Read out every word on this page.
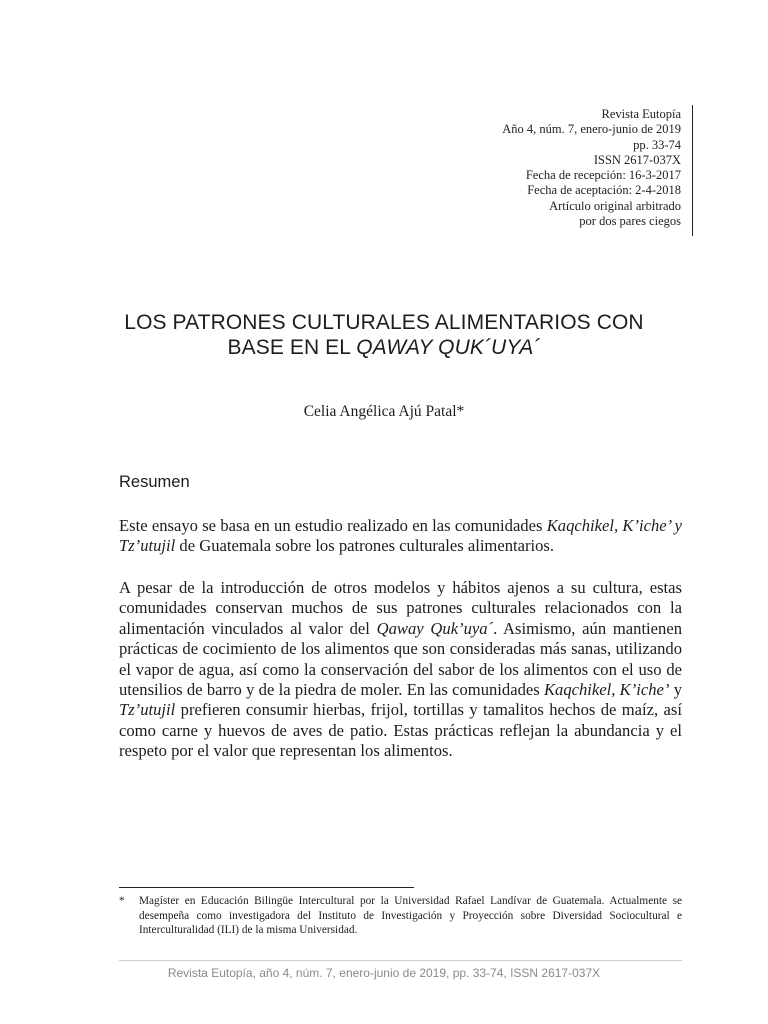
Revista Eutopía
Año 4, núm. 7, enero-junio de 2019
pp. 33-74
ISSN 2617-037X
Fecha de recepción: 16-3-2017
Fecha de aceptación: 2-4-2018
Artículo original arbitrado
por dos pares ciegos
LOS PATRONES CULTURALES ALIMENTARIOS CON
BASE EN EL QAWAY QUK´UYA´
Celia Angélica Ajú Patal*
Resumen

Este ensayo se basa en un estudio realizado en las comunidades Kaqchikel, K’iche’ y Tz’utujil de Guatemala sobre los patrones culturales alimentarios.

A pesar de la introducción de otros modelos y hábitos ajenos a su cultura, estas comunidades conservan muchos de sus patrones culturales relacionados con la alimentación vinculados al valor del Qaway Quk’uya´. Asimismo, aún mantienen prácticas de cocimiento de los alimentos que son consideradas más sanas, utilizando el vapor de agua, así como la conservación del sabor de los alimentos con el uso de utensilios de barro y de la piedra de moler. En las comunidades Kaqchikel, K’iche’ y Tz’utujil prefieren consumir hierbas, frijol, tortillas y tamalitos hechos de maíz, así como carne y huevos de aves de patio. Estas prácticas reflejan la abundancia y el respeto por el valor que representan los alimentos.

*	Magíster en Educación Bilingüe Intercultural por la Universidad Rafael Landívar de Guatemala. Actualmente se desempeña como investigadora del Instituto de Investigación y Proyección sobre Diversidad Sociocultural e Interculturalidad (ILI) de la misma Universidad.
Revista Eutopía, año 4, núm. 7, enero-junio de 2019, pp. 33-74, ISSN 2617-037X
